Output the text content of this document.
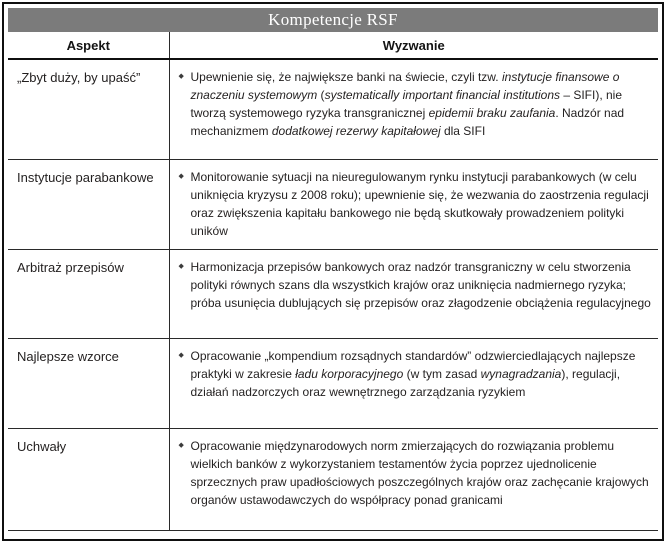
Kompetencje RSF
Aspekt	Wyzwanie
„Zbyt duży, by upaść”	◆ Upewnienie się, że największe banki na świecie, czyli tzw. instytucje finansowe o znaczeniu systemowym (systematically important financial institutions – SIFI), nie tworzą systemowego ryzyka transgranicznej epidemii braku zaufania. Nadzór nad mechanizmem dodatkowej rezerwy kapitałowej dla SIFI

Instytucje parabankowe	◆ Monitorowanie sytuacji na nieuregulowanym rynku instytucji parabankowych (w celu uniknięcia kryzysu z 2008 roku); upewnienie się, że wezwania do zaostrzenia regulacji oraz zwiększenia kapitału bankowego nie będą skutkowały prowadzeniem polityki uników

Arbitraż przepisów	◆ Harmonizacja przepisów bankowych oraz nadzór transgraniczny w celu stworzenia polityki równych szans dla wszystkich krajów oraz uniknięcia nadmiernego ryzyka; próba usunięcia dublujących się przepisów oraz złagodzenie obciążenia regulacyjnego

Najlepsze wzorce	◆ Opracowanie „kompendium rozsądnych standardów” odzwierciedlających najlepsze praktyki w zakresie ładu korporacyjnego (w tym zasad wynagradzania), regulacji, działań nadzorczych oraz wewnętrznego zarządzania ryzykiem

Uchwały	◆ Opracowanie międzynarodowych norm zmierzających do rozwiązania problemu wielkich banków z wykorzystaniem testamentów życia poprzez ujednolicenie sprzecznych praw upadłościowych poszczególnych krajów oraz zachęcanie krajowych organów ustawodawczych do współpracy ponad granicami
